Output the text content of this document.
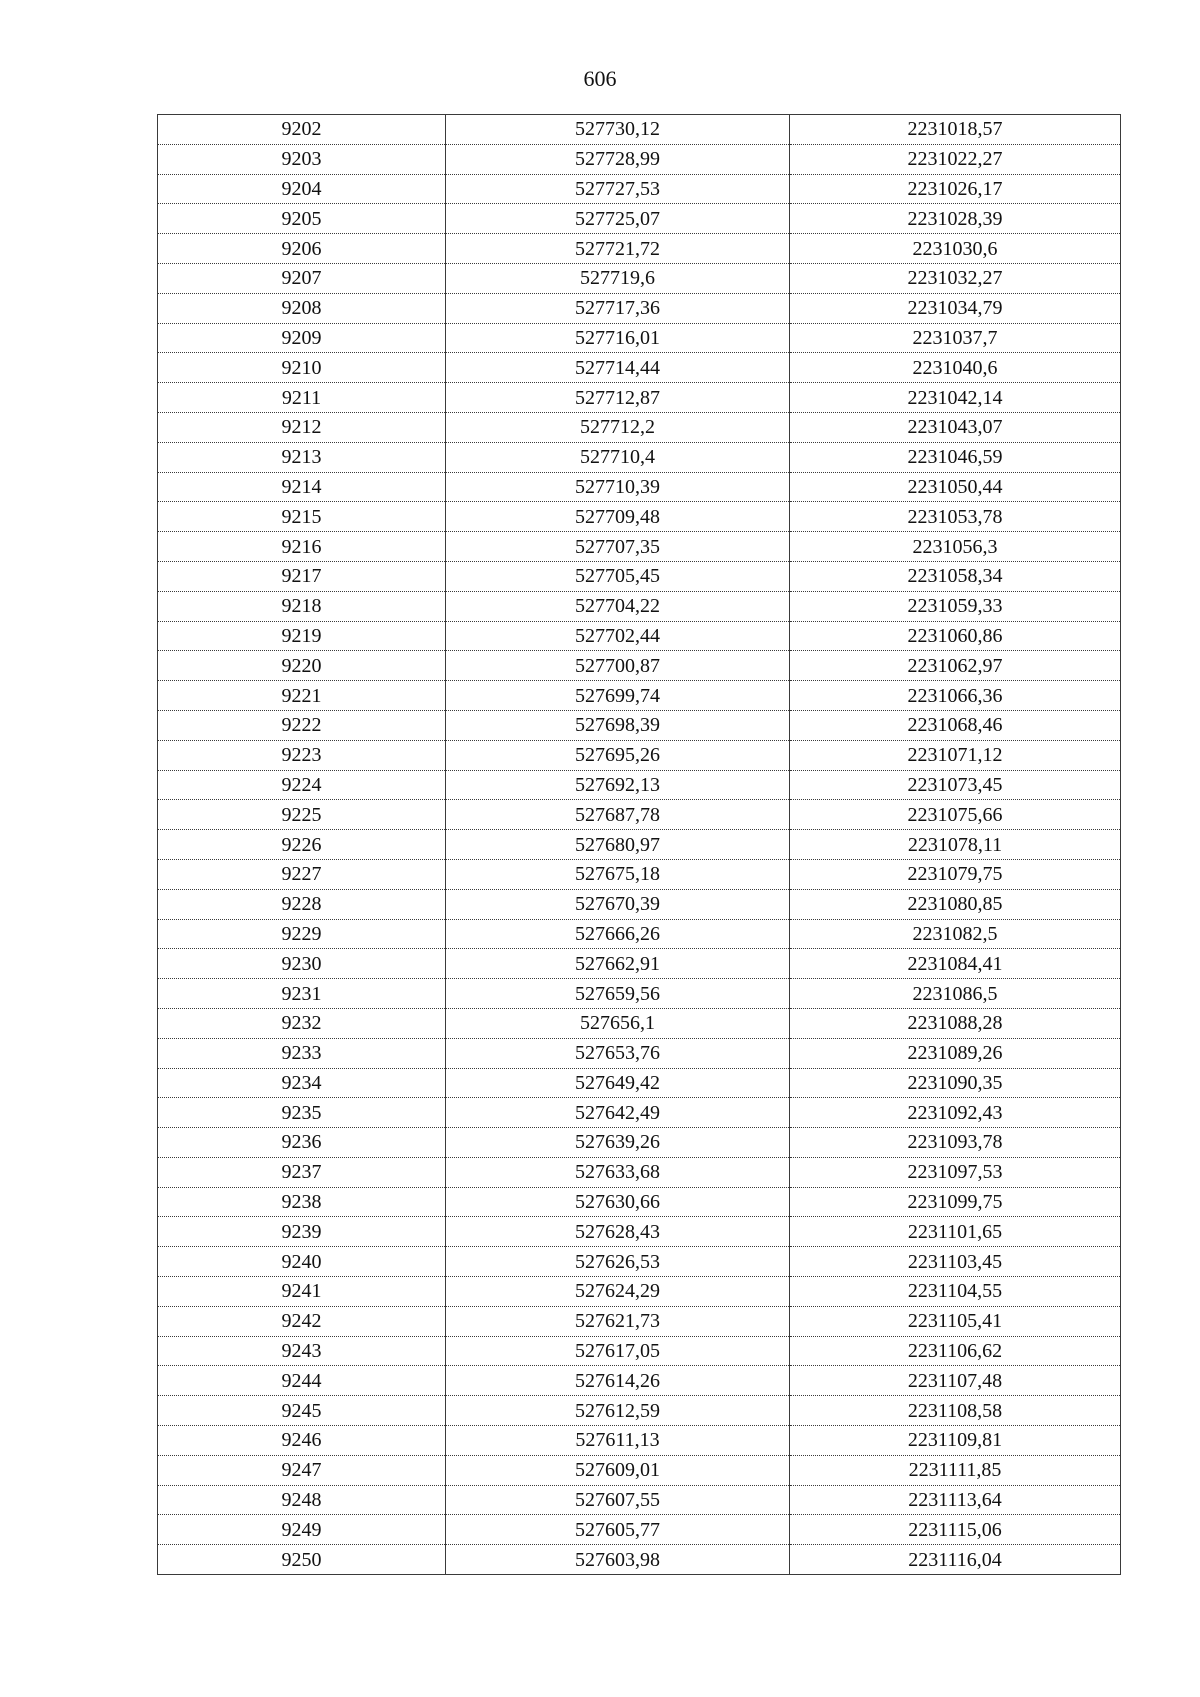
606
9202	527730,12	2231018,57
9203	527728,99	2231022,27
9204	527727,53	2231026,17
9205	527725,07	2231028,39
9206	527721,72	2231030,6
9207	527719,6	2231032,27
9208	527717,36	2231034,79
9209	527716,01	2231037,7
9210	527714,44	2231040,6
9211	527712,87	2231042,14
9212	527712,2	2231043,07
9213	527710,4	2231046,59
9214	527710,39	2231050,44
9215	527709,48	2231053,78
9216	527707,35	2231056,3
9217	527705,45	2231058,34
9218	527704,22	2231059,33
9219	527702,44	2231060,86
9220	527700,87	2231062,97
9221	527699,74	2231066,36
9222	527698,39	2231068,46
9223	527695,26	2231071,12
9224	527692,13	2231073,45
9225	527687,78	2231075,66
9226	527680,97	2231078,11
9227	527675,18	2231079,75
9228	527670,39	2231080,85
9229	527666,26	2231082,5
9230	527662,91	2231084,41
9231	527659,56	2231086,5
9232	527656,1	2231088,28
9233	527653,76	2231089,26
9234	527649,42	2231090,35
9235	527642,49	2231092,43
9236	527639,26	2231093,78
9237	527633,68	2231097,53
9238	527630,66	2231099,75
9239	527628,43	2231101,65
9240	527626,53	2231103,45
9241	527624,29	2231104,55
9242	527621,73	2231105,41
9243	527617,05	2231106,62
9244	527614,26	2231107,48
9245	527612,59	2231108,58
9246	527611,13	2231109,81
9247	527609,01	2231111,85
9248	527607,55	2231113,64
9249	527605,77	2231115,06
9250	527603,98	2231116,04
